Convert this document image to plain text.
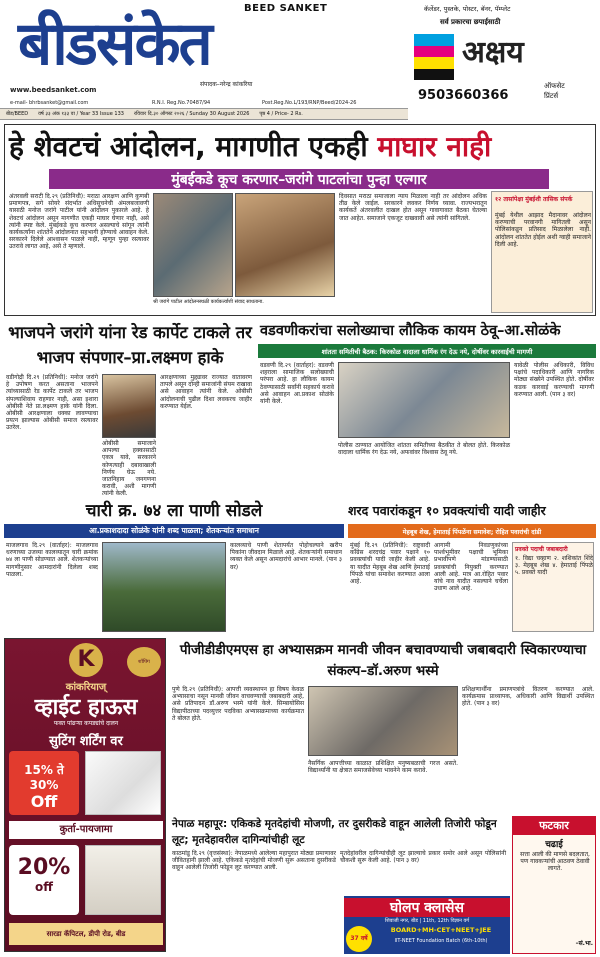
BEED SANKET
बीडसंकेत
संपादक–नरेन्द्र कांकरिया
www.beedsanket.com
e-mail- bhrbsanket@gmail.com	R.N.I. Reg.No.70487/94	Post.Reg.No.L/193/RNP/Beed/2024-26
बीड/BEED वर्ष ३३ अंक १३३ वा / Year 33 Issue 133 रविवार दि.३० ऑगस्ट २०२६ / Sunday 30 August 2026 पृष्ठ 4 / Price- 2 Rs.
कॅलेंडर, पुस्तके, पोस्टर, बॅनर, पॅम्प्लेट
सर्व प्रकारचा छपाईसाठी
अक्षय
ऑफसेट
प्रिंटर्स
9503660366
हे शेवटचं आंदोलन, मागणीत एकही माघार नाही
मुंबईकडे कूच करणार–जरांगे पाटलांचा पुन्हा एल्गार
अंतरवली सराटी दि.२९ (प्रतिनिधी): मराठा आरक्षण आणि कुणबी प्रमाणपत्र, सगे सोयरे संदर्भात अधिसूचनेची अंमलबजावणी यासाठी मनोज जरांगे पाटील यांनी आंदोलन पुकारले आहे. हे शेवटचं आंदोलन असून मागणीत एकही माघार घेणार नाही, असे त्यांनी स्पष्ट केले. मुंबईकडे कूच करणार असल्याचे सांगून त्यांनी कार्यकर्त्यांना शांततेने आंदोलनात सहभागी होण्याचे आवाहन केले. सरकारने दिलेले आश्वासन पाळले नाही, म्हणून पुन्हा रस्त्यावर उतरावे लागत आहे, असे ते म्हणाले.
श्री जरांगे पाटील आंदोलनस्थळी कार्यकर्त्यांशी संवाद साधताना.
दिवसात मराठा समाजाला न्याय मिळाला नाही तर आंदोलन अधिक तीव्र केले जाईल. सरकारने लवकर निर्णय घ्यावा. राज्यभरातून कार्यकर्ते अंतरवलीत दाखल होत असून गावागावात बैठका घेतल्या जात आहेत. समाजाने एकजूट दाखवावी असे त्यांनी सांगितले.
१२ तासांपेक्षा मुंबईशी तासिक संपर्क
मुंबई येथील आझाद मैदानावर आंदोलन करण्याची परवानगी मागितली असून पोलिसांकडून प्रतिसाद मिळालेला नाही. आंदोलन शांततेत होईल अशी ग्वाही समाजाने दिली आहे.
भाजपने जरांगे यांना रेड कार्पेट टाकले तर भाजप संपणार–प्रा.लक्ष्मण हाके
वडीगोद्री दि.२९ (प्रतिनिधी): मनोज जरांगे हे उपोषण करत असताना भाजपने त्यांच्यासाठी रेड कार्पेट टाकले तर भाजप संपल्याशिवाय राहणार नाही, असा इशारा ओबीसी नेते प्रा.लक्ष्मण हाके यांनी दिला. ओबीसी आरक्षणाला धक्का लावण्याचा प्रयत्न झाल्यास ओबीसी समाज रस्त्यावर उतरेल.
ओबीसी समाजाने आपल्या हक्कासाठी एकत्र यावे, सरकारने कोणत्याही दबावाखाली निर्णय घेऊ नये. जातनिहाय जनगणना करावी, अशी मागणी त्यांनी केली.
आरक्षणाच्या मुद्द्यावर राज्यात वातावरण तापले असून दोन्ही समाजांनी संयम राखावा असे आवाहन त्यांनी केले. ओबीसी आंदोलनाची पुढील दिशा लवकरच जाहीर करण्यात येईल.
वडवणीकरांचा सलोख्याचा लौकिक कायम ठेवू–आ.सोळंके
शांतता समितीची बैठक: किरकोळ वादाला धार्मिक रंग देऊ नये, दोषींवर कारवाईची मागणी
वडवणी दि.२९ (वार्ताहर): वडवणी शहराला सामाजिक सलोख्याची परंपरा आहे. हा लौकिक कायम ठेवण्यासाठी सर्वांनी सहकार्य करावे असे आवाहन आ.प्रकाश सोळंके यांनी केले.
पोलीस ठाण्यात आयोजित शांतता समितीच्या बैठकीत ते बोलत होते. किरकोळ वादाला धार्मिक रंग देऊ नये, अफवांवर विश्वास ठेवू नये.
यावेळी पोलीस अधिकारी, विविध पक्षांचे पदाधिकारी आणि नागरिक मोठ्या संख्येने उपस्थित होते. दोषींवर कडक कारवाई करण्याची मागणी करण्यात आली. (पान ३ वर)
चारी क्र. ७४ ला पाणी सोडले
आ.प्रकाशदादा सोळंके यांनी शब्द पाळला; शेतकऱ्यांत समाधान
माजलगाव दि.२९ (वार्ताहर): माजलगाव धरणाच्या उजव्या कालव्यातून चारी क्रमांक ७४ ला पाणी सोडण्यात आले. शेतकऱ्यांच्या मागणीनुसार आमदारांनी दिलेला शब्द पाळला.
कालव्याचे पाणी शेतापर्यंत पोहोचल्याने खरीप पिकांना जीवदान मिळाले आहे. शेतकऱ्यांनी समाधान व्यक्त केले असून आमदारांचे आभार मानले. (पान ३ वर)
शरद पवारांकडून १० प्रवक्त्यांची यादी जाहीर
मेहबूब शेख, हेमाताई पिंपळेंना समावेश; रोहित पवारांची दांडी
मुंबई दि.२९ (प्रतिनिधी): राष्ट्रवादी काँग्रेस शरदचंद्र पवार पक्षाने १० प्रवक्त्यांची यादी जाहीर केली आहे. या यादीत मेहबूब शेख आणि हेमाताई पिंपळे यांचा समावेश करण्यात आला आहे.
आगामी निवडणुकांच्या पार्श्वभूमीवर पक्षाची भूमिका प्रभावीपणे मांडण्यासाठी प्रवक्त्यांची नियुक्ती करण्यात आली आहे. मात्र आ.रोहित पवार यांचे नाव यादीत नसल्याने चर्चेला उधाण आले आहे.
प्रवक्ते पदाची जबाबदारी
१. विद्या चव्हाण २. शशिकांत शिंदे ३. मेहबूब शेख ४. हेमाताई पिंपळे ५. प्रवक्ते यादी
K	शॉपिंग
कांकरियाज्
व्हाईट हाऊस
फक्त पांढऱ्या कपड्यांचे दालन
सुटिंग शर्टिंग वर
15% ते 30%
Off
कुर्ता-पायजामा
20%
off
सारडा कॅपिटल, डीपी रोड, बीड
पीजीडीडीएमएस हा अभ्यासक्रम मानवी जीवन बचावण्याची जबाबदारी स्विकारण्याचा संकल्प–डॉ.अरुण भस्मे
पुणे दि.२९ (प्रतिनिधी): आपत्ती व्यवस्थापन हा विषय केवळ अभ्यासाचा नसून मानवी जीवन वाचवण्याची जबाबदारी आहे, असे प्रतिपादन डॉ.अरुण भस्मे यांनी केले. सिम्बायोसिस विद्यापीठाच्या पदव्युत्तर पदविका अभ्यासक्रमाच्या कार्यक्रमात ते बोलत होते.
नैसर्गिक आपत्तीच्या काळात प्रशिक्षित मनुष्यबळाची गरज असते. विद्यार्थ्यांनी या क्षेत्रात समाजसेवेच्या भावनेने काम करावे.
प्रशिक्षणार्थींना प्रमाणपत्रांचे वितरण करण्यात आले. कार्यक्रमास प्राध्यापक, अधिकारी आणि विद्यार्थी उपस्थित होते. (पान ३ वर)
नेपाळ महापूर: एकिकडे मृतदेहांची मोजणी, तर दुसरीकडे वाहून आलेली तिजोरी फोडून लूट; मृतदेहावरील दागिन्यांचीही लूट
काठमांडू दि.२९ (वृत्तसंस्था): नेपाळमध्ये आलेल्या महापुरात मोठ्या प्रमाणावर जीवितहानी झाली आहे. एकिकडे मृतदेहांची मोजणी सुरू असताना दुसरीकडे वाहून आलेली तिजोरी फोडून लूट करण्यात आली.
मृतदेहांवरील दागिन्यांचीही लूट झाल्याचे प्रकार समोर आले असून पोलिसांनी चौकशी सुरू केली आहे. (पान ३ वर)
घोलप क्लासेस
शिवाजी नगर, बीड | 11th, 12th विज्ञान वर्ग
BOARD+MH-CET+NEET+JEE
IIT-NEET Foundation Batch (6th-10th)
37 वर्षे
फटकार
चढाई
सत्ता आली की माणसे बदलतात, पण गावकऱ्यांची आठवण ठेवावी लागते.
–सं.भा.
